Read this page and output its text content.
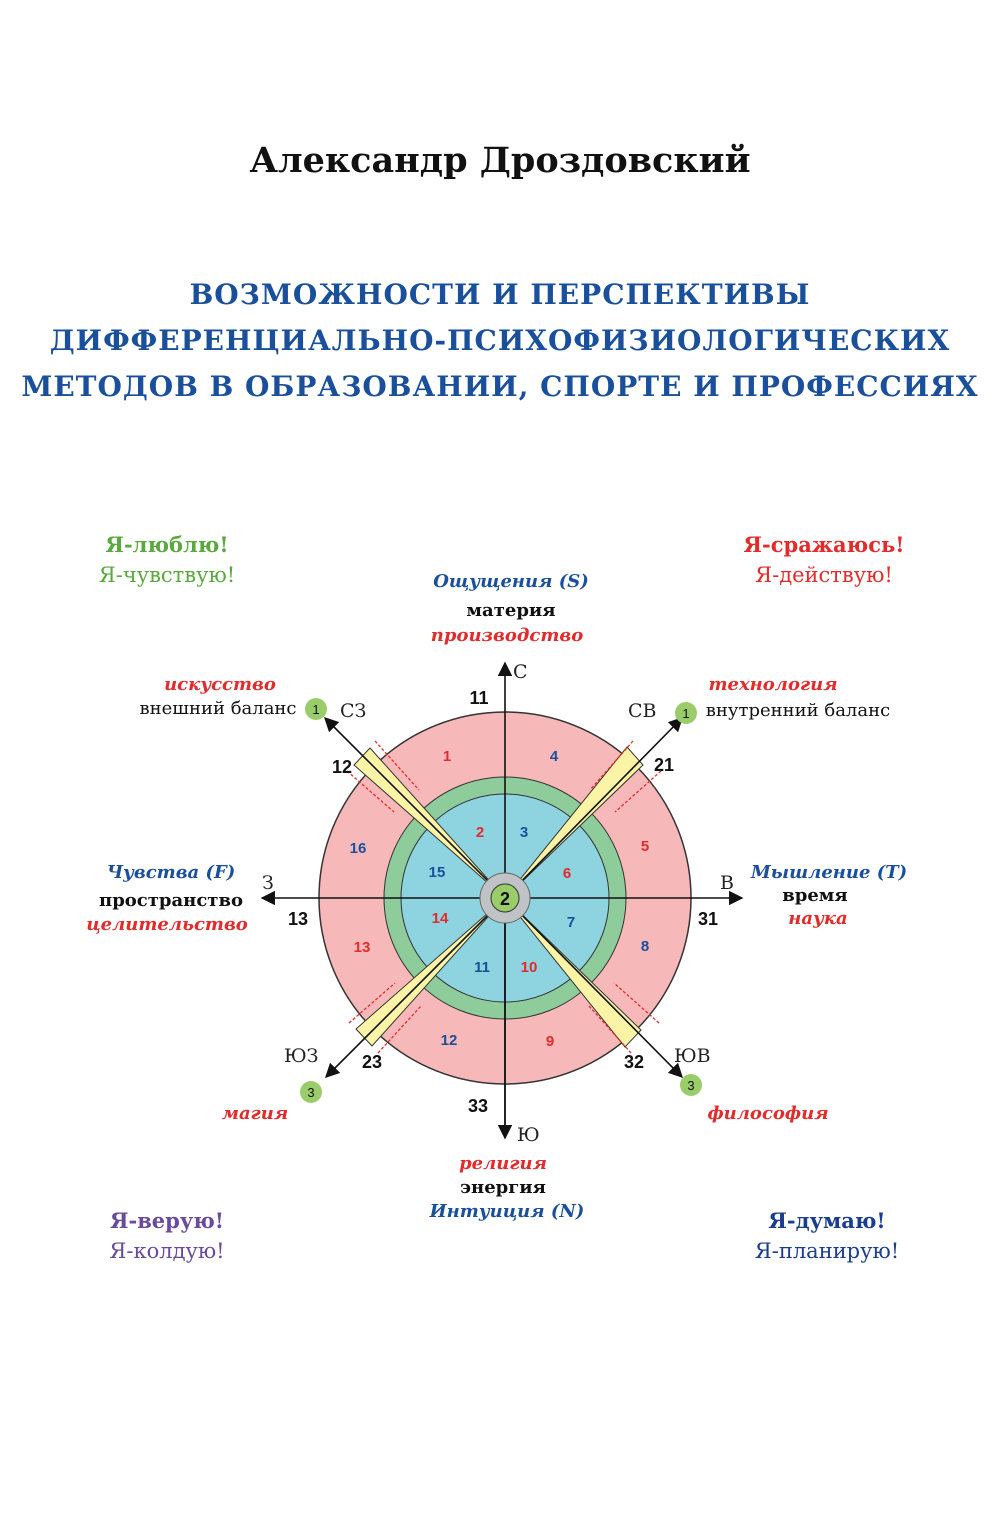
Александр Дроздовский
ВОЗМОЖНОСТИ И ПЕРСПЕКТИВЫ
ДИФФЕРЕНЦИАЛЬНО-ПСИХОФИЗИОЛОГИЧЕСКИХ
МЕТОДОВ В ОБРАЗОВАНИИ, СПОРТЕ И ПРОФЕССИЯХ
Я-люблю!
Я-чувствую!
Я-сражаюсь!
Я-действую!
Я-верую!
Я-колдую!
Я-думаю!
Я-планирую!
2
1	4
5
8
9
12
13
16
2 3
6
7
10
11
14
15
11
31
33
13
12	21
23	32
С
В
Ю
З
СЗ	СВ
ЮЗ	ЮВ
1	1
3	3
Ощущения (S)
материя
производство
Мышление (T)
время
наука
Чувства (F)
пространство
целительство
религия
энергия
Интуиция (N)
искусство
внешний баланс
технология
внутренний баланс
магия	философия
